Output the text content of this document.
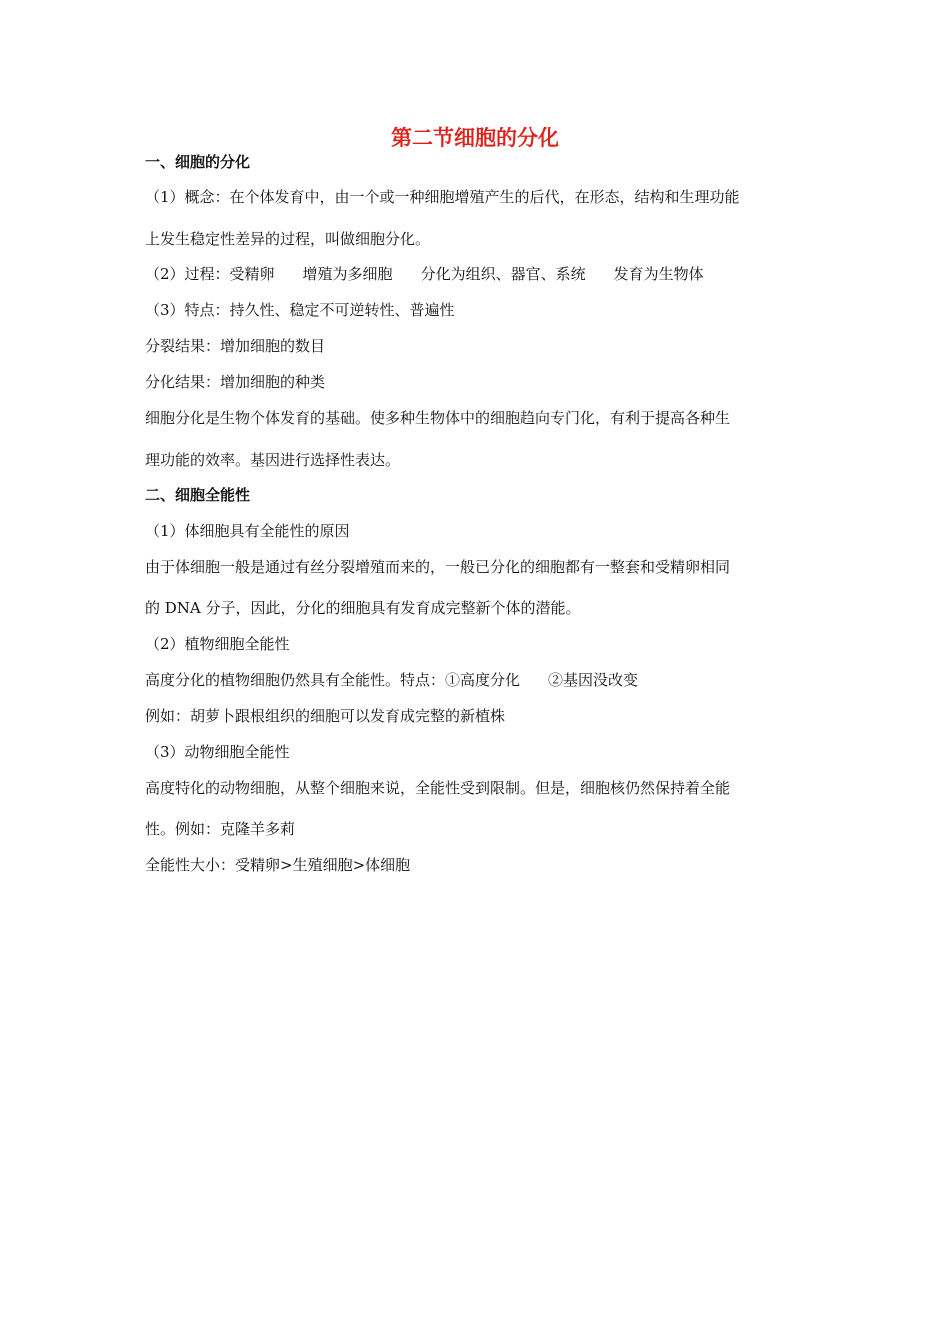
第二节细胞的分化
一、细胞的分化
（1）概念：在个体发育中，由一个或一种细胞增殖产生的后代，在形态，结构和生理功能
上发生稳定性差异的过程，叫做细胞分化。
（2）过程：受精卵 增殖为多细胞 分化为组织、器官、系统 发育为生物体
（3）特点：持久性、稳定不可逆转性、普遍性
分裂结果：增加细胞的数目
分化结果：增加细胞的种类
细胞分化是生物个体发育的基础。使多种生物体中的细胞趋向专门化，有利于提高各种生
理功能的效率。基因进行选择性表达。
二、细胞全能性
（1）体细胞具有全能性的原因
由于体细胞一般是通过有丝分裂增殖而来的，一般已分化的细胞都有一整套和受精卵相同
的 DNA 分子，因此，分化的细胞具有发育成完整新个体的潜能。
（2）植物细胞全能性
高度分化的植物细胞仍然具有全能性。特点：①高度分化 ②基因没改变
例如：胡萝卜跟根组织的细胞可以发育成完整的新植株
（3）动物细胞全能性
高度特化的动物细胞，从整个细胞来说，全能性受到限制。但是，细胞核仍然保持着全能
性。例如：克隆羊多莉
全能性大小：受精卵>生殖细胞>体细胞
